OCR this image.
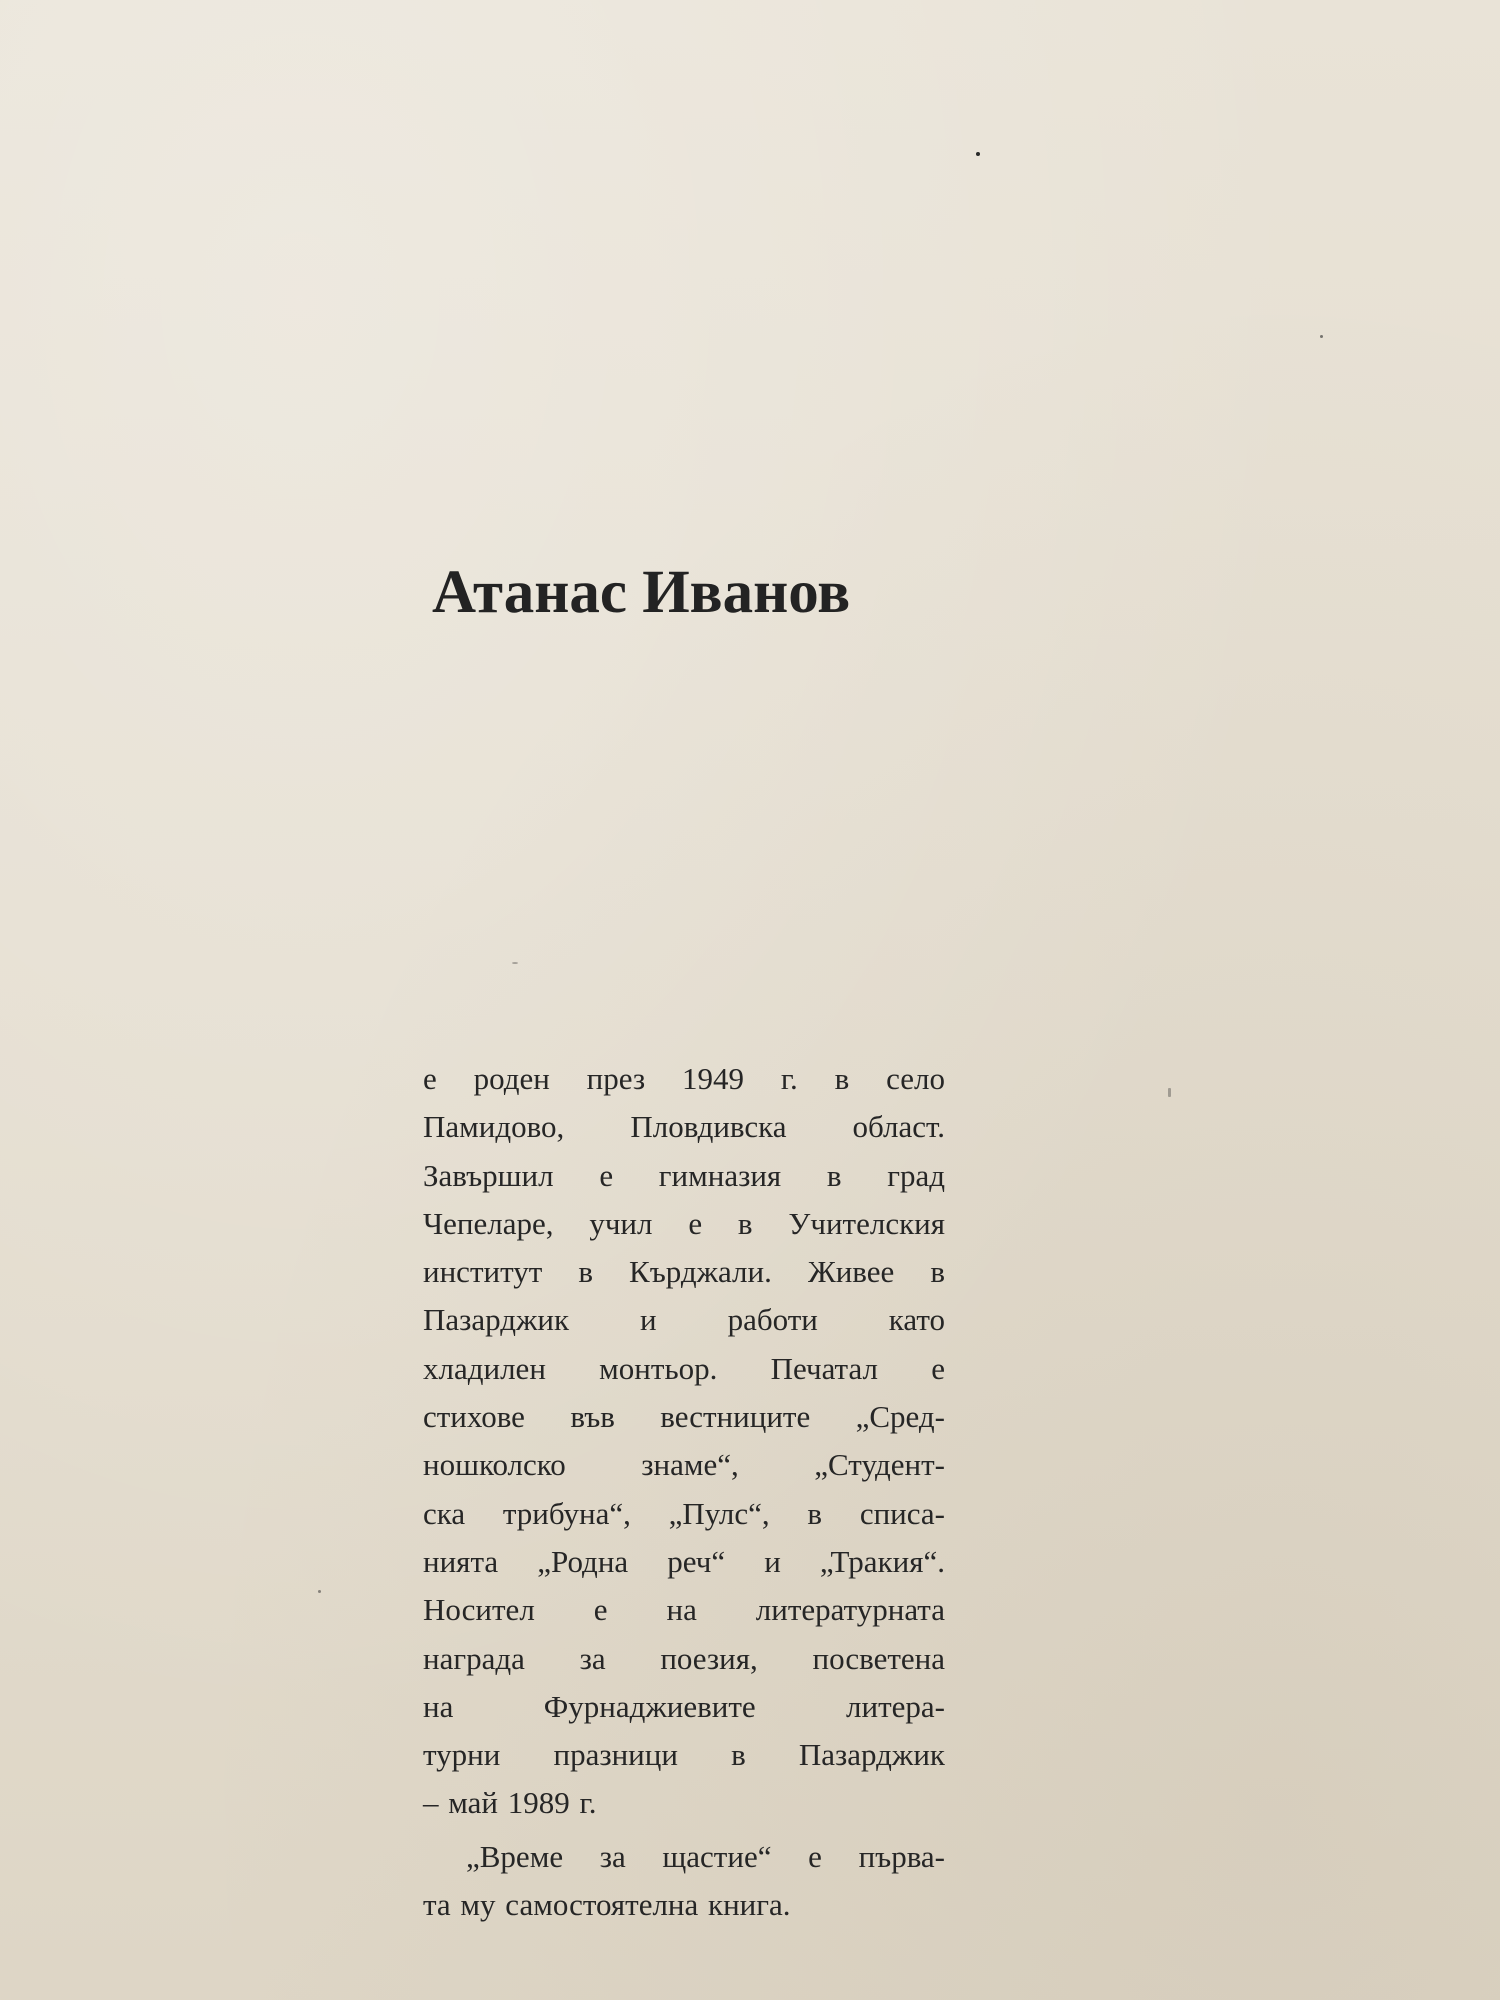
Атанас Иванов
е роден през 1949 г. в село
Памидово, Пловдивска област.
Завършил е гимназия в град
Чепеларе, учил е в Учителския
институт в Кърджали. Живее в
Пазарджик и работи като
хладилен монтьор. Печатал е
стихове във вестниците „Сред-
ношколско знаме“, „Студент-
ска трибуна“, „Пулс“, в списа-
нията „Родна реч“ и „Тракия“.
Носител е на литературната
награда за поезия, посветена
на Фурнаджиевите литера-
турни празници в Пазарджик
– май 1989 г.
„Време за щастие“ е първа-
та му самостоятелна книга.
